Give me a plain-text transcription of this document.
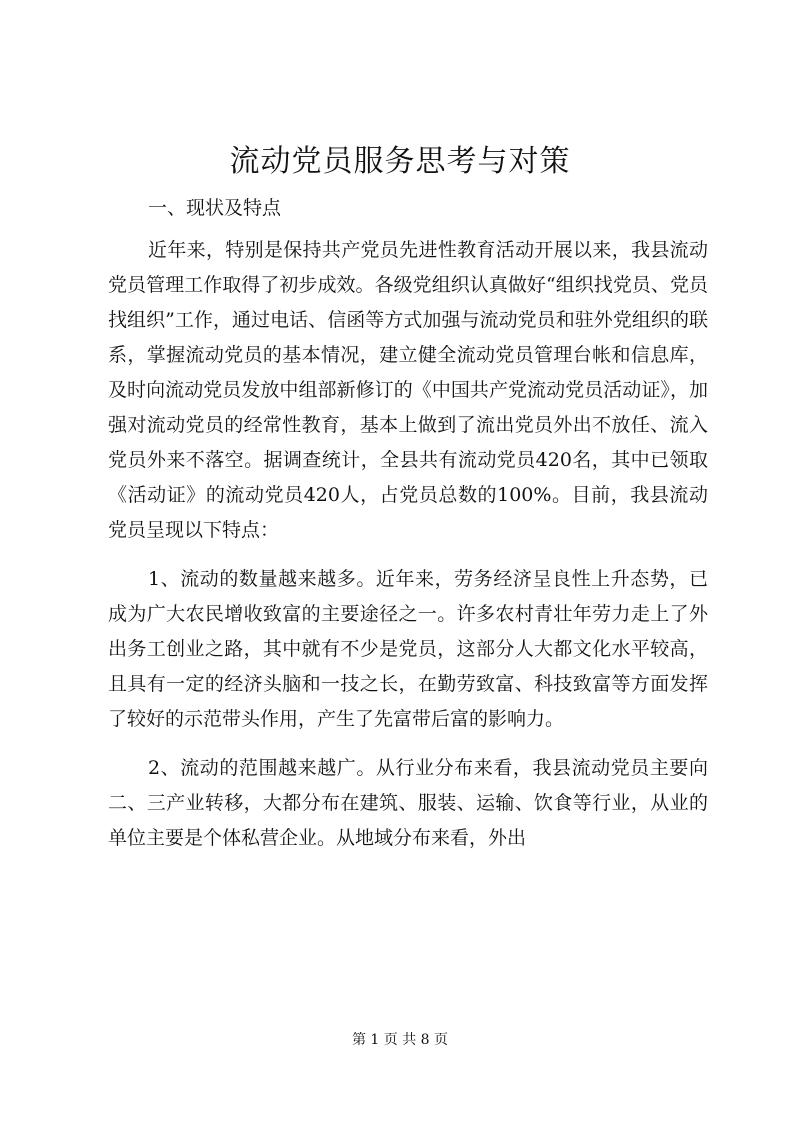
流动党员服务思考与对策

一、现状及特点

近年来，特别是保持共产党员先进性教育活动开展以来，我县流动党员管理工作取得了初步成效。各级党组织认真做好“组织找党员、党员找组织”工作，通过电话、信函等方式加强与流动党员和驻外党组织的联系，掌握流动党员的基本情况，建立健全流动党员管理台帐和信息库，及时向流动党员发放中组部新修订的《中国共产党流动党员活动证》，加强对流动党员的经常性教育，基本上做到了流出党员外出不放任、流入党员外来不落空。据调查统计，全县共有流动党员420名，其中已领取《活动证》的流动党员420人，占党员总数的100%。目前，我县流动党员呈现以下特点：

1、流动的数量越来越多。近年来，劳务经济呈良性上升态势，已成为广大农民增收致富的主要途径之一。许多农村青壮年劳力走上了外出务工创业之路，其中就有不少是党员，这部分人大都文化水平较高，且具有一定的经济头脑和一技之长，在勤劳致富、科技致富等方面发挥了较好的示范带头作用，产生了先富带后富的影响力。

2、流动的范围越来越广。从行业分布来看，我县流动党员主要向二、三产业转移，大都分布在建筑、服装、运输、饮食等行业，从业的单位主要是个体私营企业。从地域分布来看，外出

第 1 页 共 8 页
